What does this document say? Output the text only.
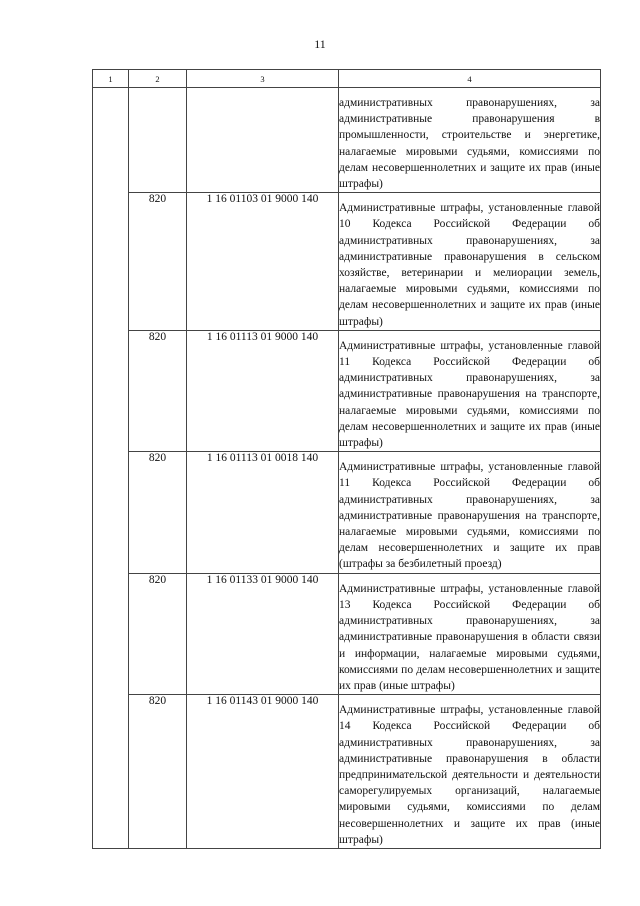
11
1	2	3	4
			административных правонарушениях, за административные правонарушения в промышленности, строительстве и энергетике, налагаемые мировыми судьями, комиссиями по делам несовершеннолетних и защите их прав (иные штрафы)
	820	1 16 01103 01 9000 140	Административные штрафы, установленные главой 10 Кодекса Российской Федерации об административных правонарушениях, за административные правонарушения в сельском хозяйстве, ветеринарии и мелиорации земель, налагаемые мировыми судьями, комиссиями по делам несовершеннолетних и защите их прав (иные штрафы)
	820	1 16 01113 01 9000 140	Административные штрафы, установленные главой 11 Кодекса Российской Федерации об административных правонарушениях, за административные правонарушения на транспорте, налагаемые мировыми судьями, комиссиями по делам несовершеннолетних и защите их прав (иные штрафы)
	820	1 16 01113 01 0018 140	Административные штрафы, установленные главой 11 Кодекса Российской Федерации об административных правонарушениях, за административные правонарушения на транспорте, налагаемые мировыми судьями, комиссиями по делам несовершеннолетних и защите их прав (штрафы за безбилетный проезд)
	820	1 16 01133 01 9000 140	Административные штрафы, установленные главой 13 Кодекса Российской Федерации об административных правонарушениях, за административные правонарушения в области связи и информации, налагаемые мировыми судьями, комиссиями по делам несовершеннолетних и защите их прав (иные штрафы)
	820	1 16 01143 01 9000 140	Административные штрафы, установленные главой 14 Кодекса Российской Федерации об административных правонарушениях, за административные правонарушения в области предпринимательской деятельности и деятельности саморегулируемых организаций, налагаемые мировыми судьями, комиссиями по делам несовершеннолетних и защите их прав (иные штрафы)
